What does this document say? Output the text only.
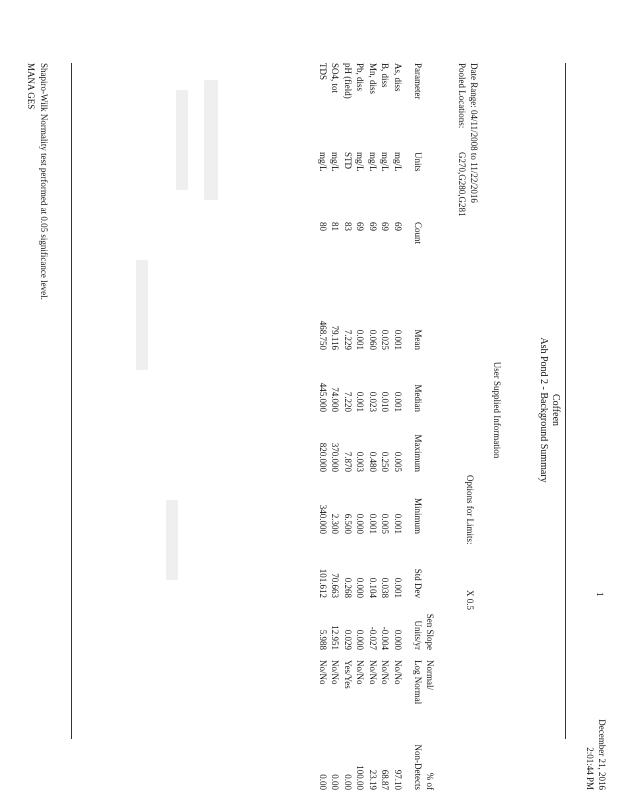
1
December 21, 2016
2:01:44 PM
Coffeen
Ash Pond 2 - Background Summary
User Supplied Information
Date Range: 04/11/2008 to 11/22/2016
Pooled Locations:
G270,G280,G281
Options for Limits:
X 0.5
Parameter
Units
Count
Mean
Median
Maximum
Minimum
Std Dev
Sen Slope
Units/yr
Normal/
Log Normal
% of
Non-Detects
As, diss
mg/L
69
0.001
0.001
0.005
0.001
0.001
0.000
No/No
97.10
B, diss
mg/L
69
0.025
0.010
0.250
0.005
0.038
-0.004
No/No
68.87
Mn, diss
mg/L
69
0.060
0.023
0.480
0.001
0.104
-0.027
No/No
23.19
Pb, diss
mg/L
69
0.001
0.001
0.003
0.000
0.000
0.000
No/No
100.00
pH (field)
STD
83
7.229
7.220
7.870
6.500
0.268
0.029
Yes/Yes
0.00
SO4, tot
mg/L
81
79.116
74.000
370.000
2.300
70.663
12.951
No/No
0.00
TDS
mg/L
80
468.750
445.000
820.000
340.000
101.612
5.988
No/No
0.00
Shapiro-Wilk Normality test performed at 0.05 significance level.
MANA GES
